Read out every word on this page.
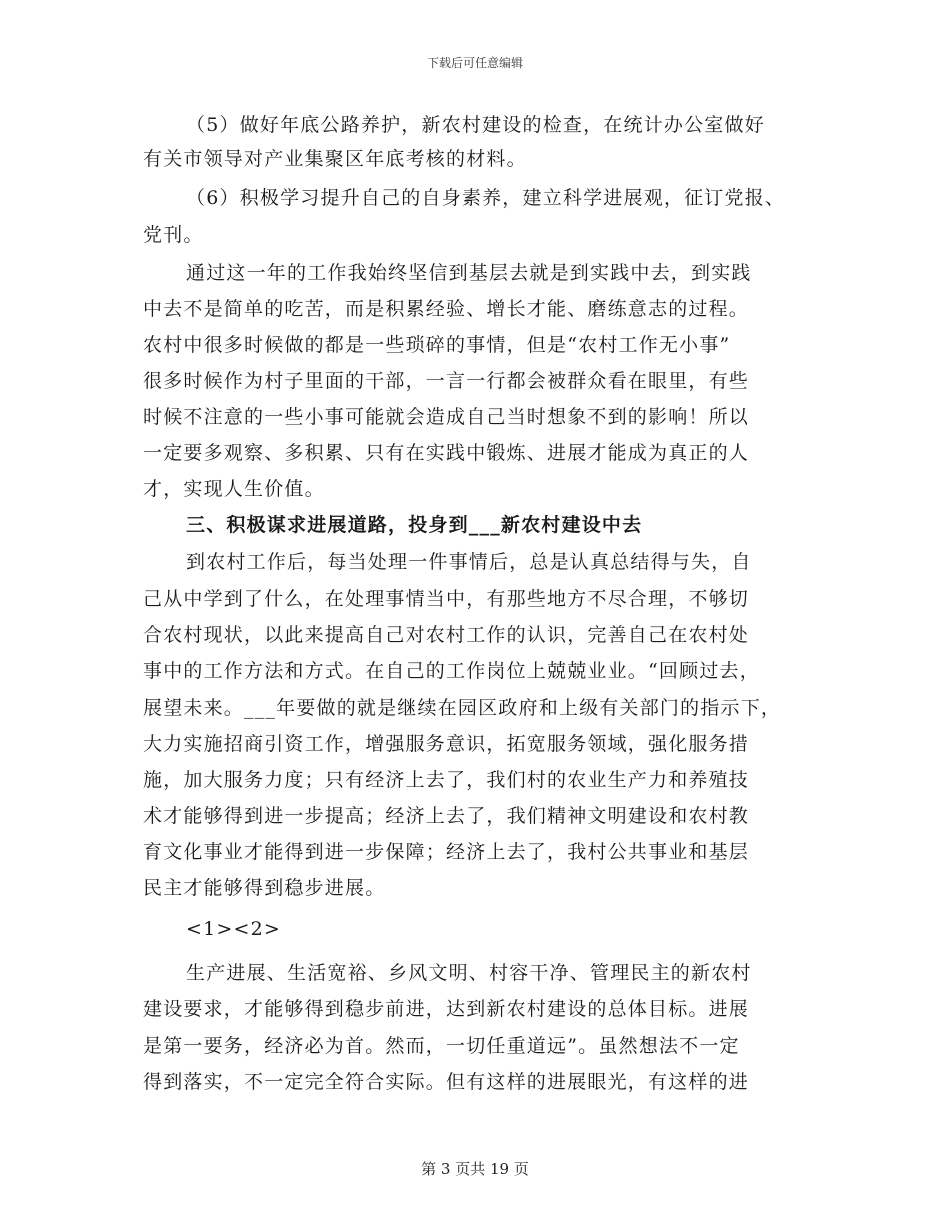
下载后可任意编辑
（5）做好年底公路养护，新农村建设的检查，在统计办公室做好
有关市领导对产业集聚区年底考核的材料。
（6）积极学习提升自己的自身素养，建立科学进展观，征订党报、
党刊。
通过这一年的工作我始终坚信到基层去就是到实践中去，到实践
中去不是简单的吃苦，而是积累经验、增长才能、磨练意志的过程。
农村中很多时候做的都是一些琐碎的事情，但是“农村工作无小事”
很多时候作为村子里面的干部，一言一行都会被群众看在眼里，有些
时候不注意的一些小事可能就会造成自己当时想象不到的影响！所以
一定要多观察、多积累、只有在实践中锻炼、进展才能成为真正的人
才，实现人生价值。
三、积极谋求进展道路，投身到___新农村建设中去
到农村工作后，每当处理一件事情后，总是认真总结得与失，自
己从中学到了什么，在处理事情当中，有那些地方不尽合理，不够切
合农村现状，以此来提高自己对农村工作的认识，完善自己在农村处
事中的工作方法和方式。在自己的工作岗位上兢兢业业。“回顾过去，
展望未来。___年要做的就是继续在园区政府和上级有关部门的指示下，
大力实施招商引资工作，增强服务意识，拓宽服务领域，强化服务措
施，加大服务力度；只有经济上去了，我们村的农业生产力和养殖技
术才能够得到进一步提高；经济上去了，我们精神文明建设和农村教
育文化事业才能得到进一步保障；经济上去了，我村公共事业和基层
民主才能够得到稳步进展。
<1><2>
生产进展、生活宽裕、乡风文明、村容干净、管理民主的新农村
建设要求，才能够得到稳步前进，达到新农村建设的总体目标。进展
是第一要务，经济必为首。然而，一切任重道远”。虽然想法不一定
得到落实，不一定完全符合实际。但有这样的进展眼光，有这样的进
第 3 页共 19 页
